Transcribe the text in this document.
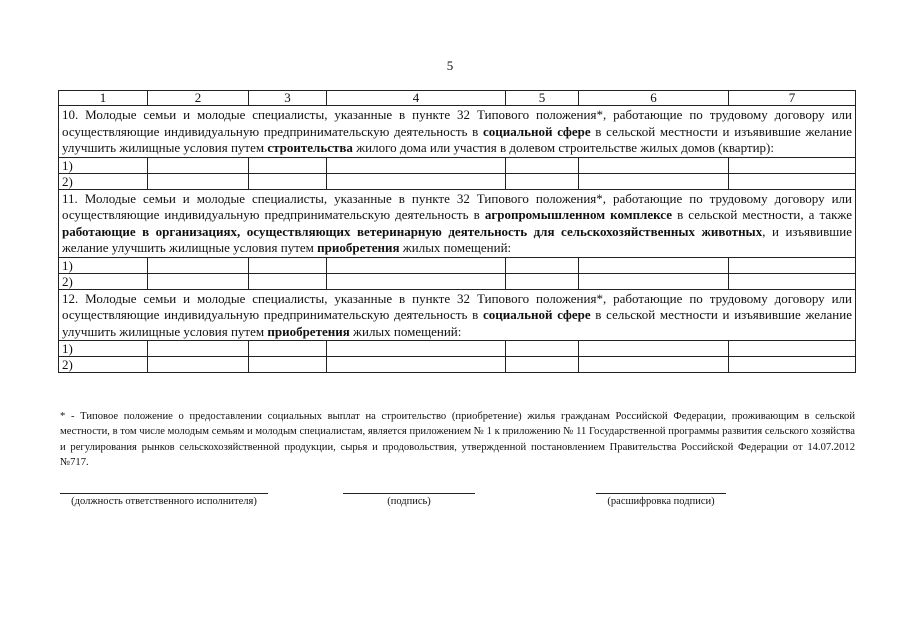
5
1	2	3	4	5	6	7

10. Молодые семьи и молодые специалисты, указанные в пункте 32 Типового положения*, работающие по трудовому договору или осуществляющие индивидуальную предпринимательскую деятельность в социальной сфере в сельской местности и изъявившие желание улучшить жилищные условия путем строительства жилого дома или участия в долевом строительстве жилых домов (квартир):						

1)						
2)						

11. Молодые семьи и молодые специалисты, указанные в пункте 32 Типового положения*, работающие по трудовому договору или осуществляющие индивидуальную предпринимательскую деятельность в агропромышленном комплексе в сельской местности, а также работающие в организациях, осуществляющих ветеринарную деятельность для сельскохозяйственных животных, и изъявившие желание улучшить жилищные условия путем приобретения жилых помещений:						

1)						
2)						

12. Молодые семьи и молодые специалисты, указанные в пункте 32 Типового положения*, работающие по трудовому договору или осуществляющие индивидуальную предпринимательскую деятельность в социальной сфере в сельской местности и изъявившие желание улучшить жилищные условия путем приобретения жилых помещений:						

1)						
2)						
* - Типовое положение о предоставлении социальных выплат на строительство (приобретение) жилья гражданам Российской Федерации, проживающим в сельской местности, в том числе молодым семьям и молодым специалистам, является приложением № 1 к приложению № 11 Государственной программы развития сельского хозяйства и регулирования рынков сельскохозяйственной продукции, сырья и продовольствия, утвержденной постановлением Правительства Российской Федерации от 14.07.2012 №717.
(должность ответственного исполнителя)	(подпись)	(расшифровка подписи)
